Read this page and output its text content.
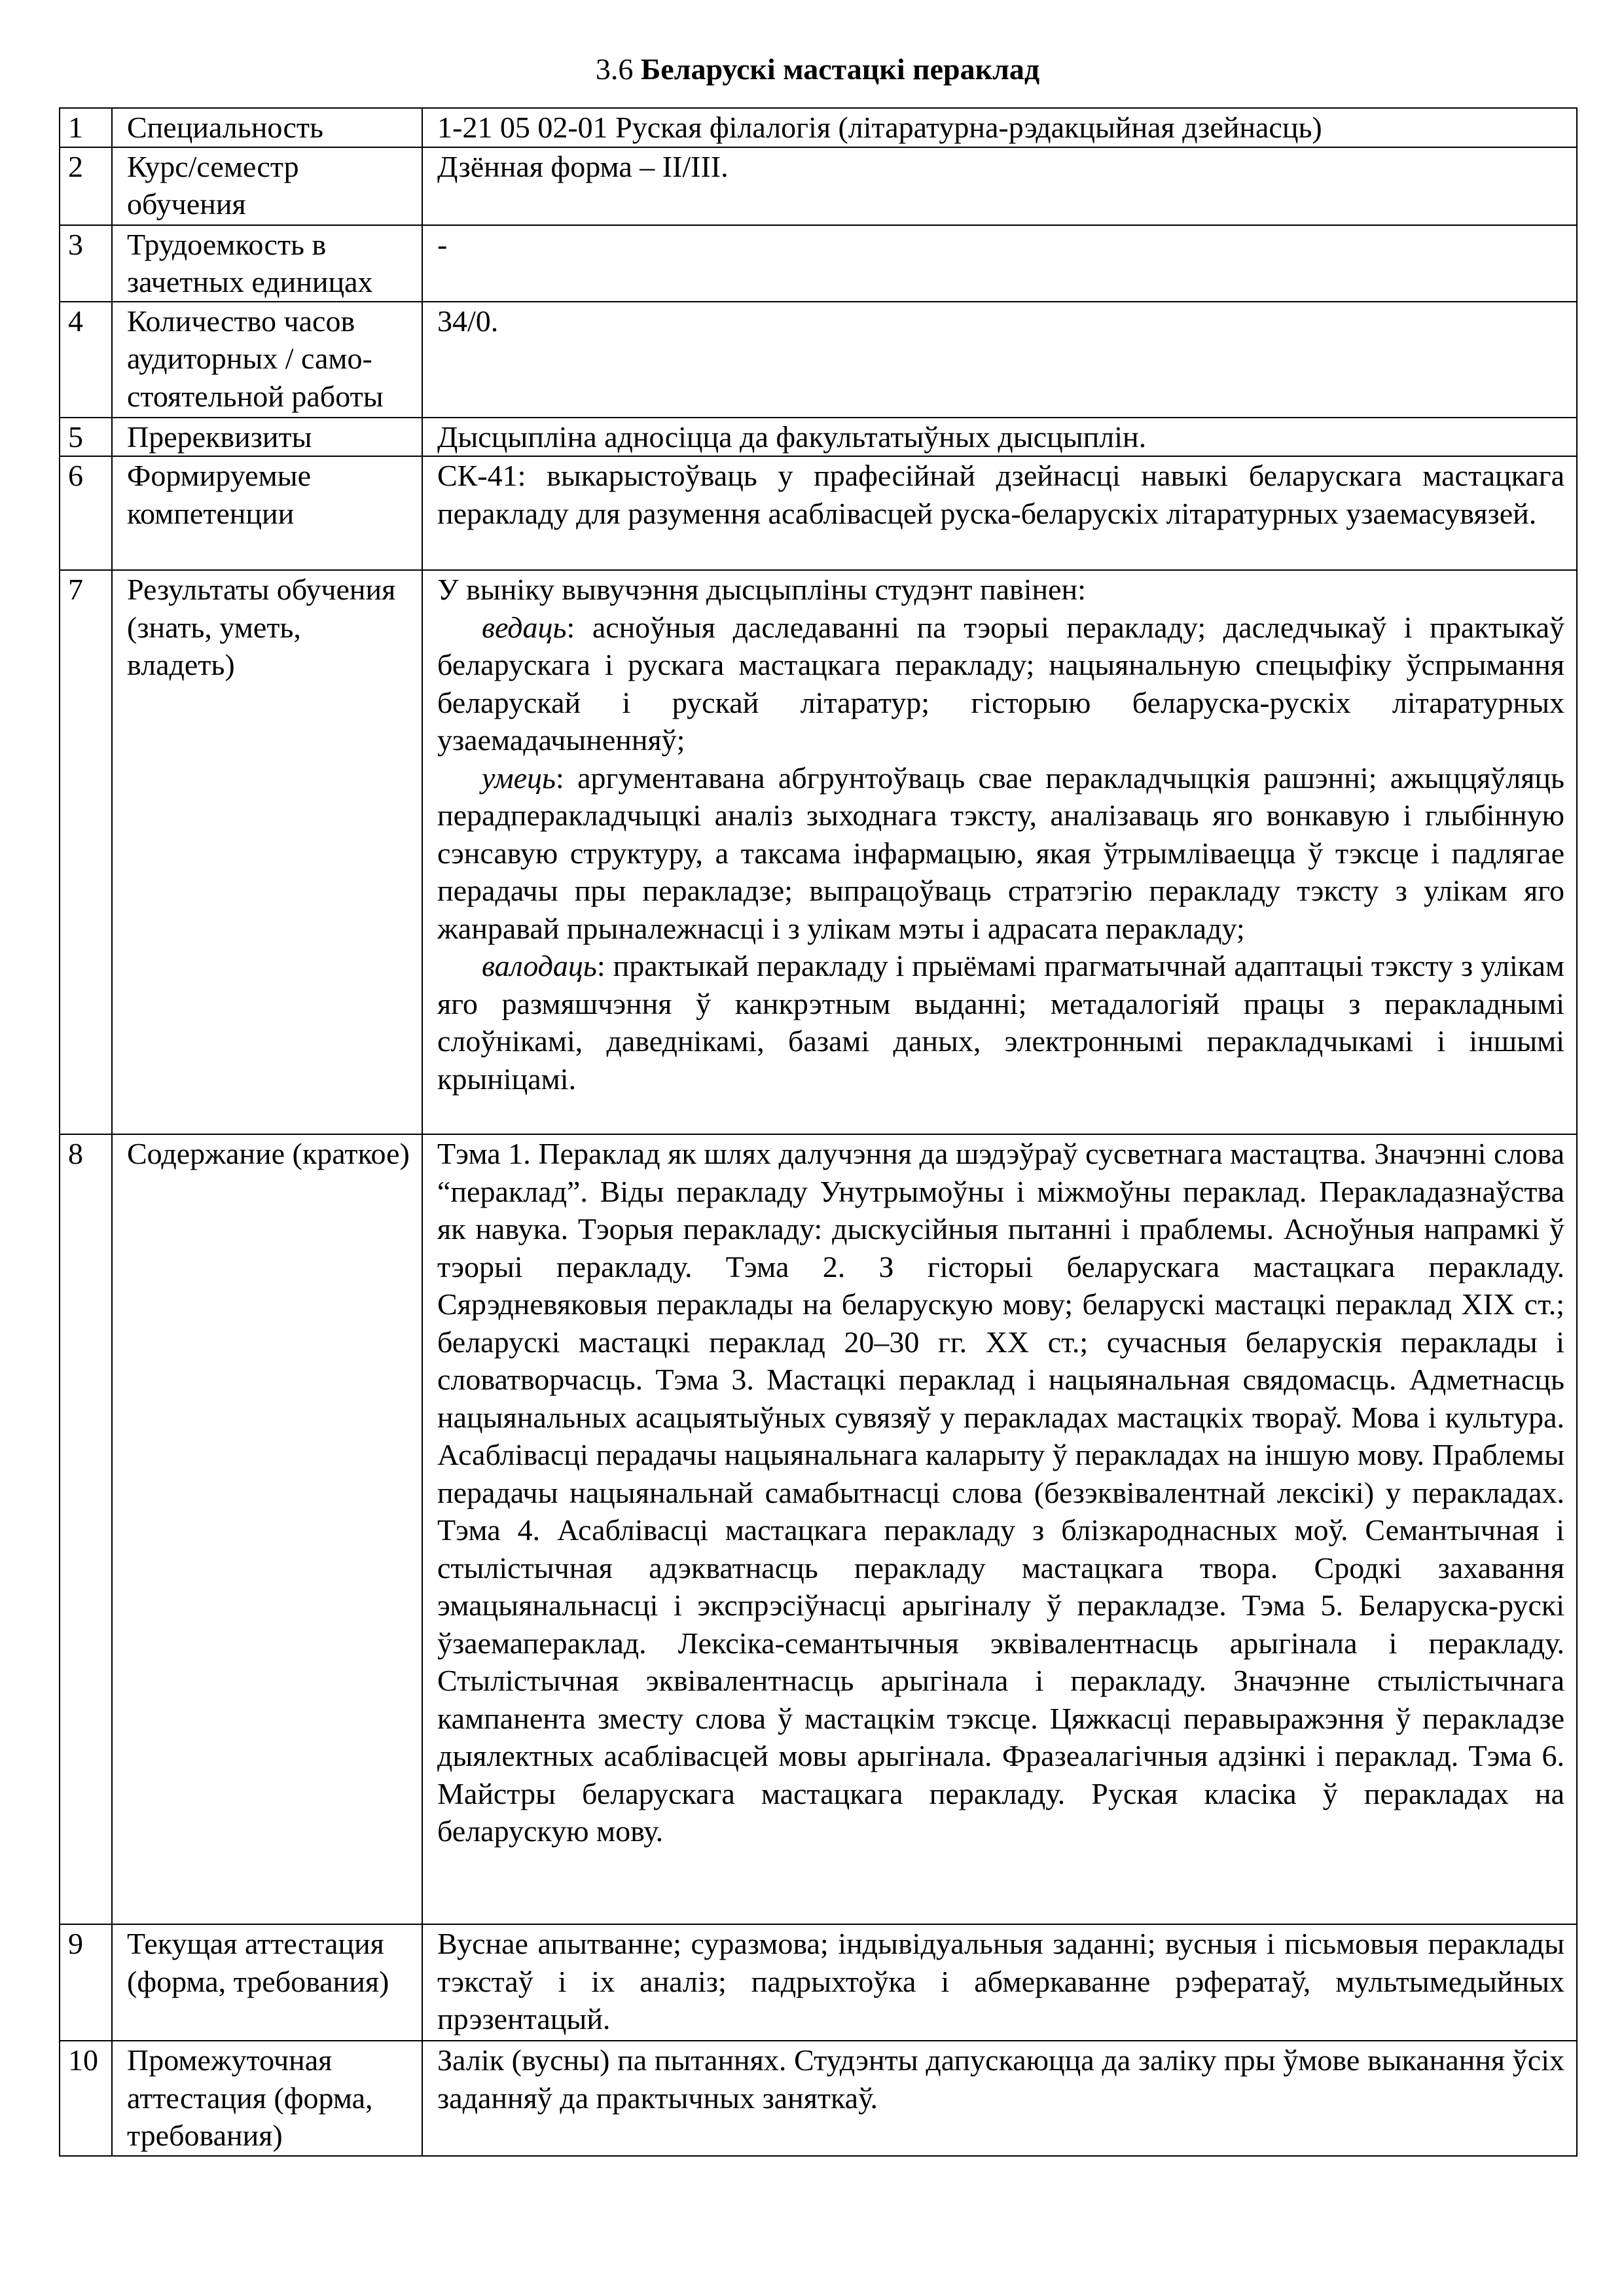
3.6 Беларускі мастацкі пераклад
1	Специальность	1-21 05 02-01 Руская філалогія (літаратурна-рэдакцыйная дзейнасць)
2	Курс/семестр обучения	Дзённая форма – II/III.
3	Трудоемкость в зачетных единицах	-
4	Количество часов аудиторных / само-стоятельной работы	34/0.
5	Пререквизиты	Дысцыпліна адносіцца да факультатыўных дысцыплін.
6	Формируемые компетенции	СК-41: выкарыстоўваць у прафесійнай дзейнасці навыкі беларускага мастацкага перакладу для разумення асаблівасцей руска-беларускіх літаратурных узаемасувязей.
7	Результаты обучения (знать, уметь, владеть)	У выніку вывучэння дысцыпліны студэнт павінен:

ведаць: асноўныя даследаванні па тэорыі перакладу; даследчыкаў і практыкаў беларускага і рускага мастацкага перакладу; нацыянальную спецыфіку ўспрымання беларускай і рускай літаратур; гісторыю беларуска-рускіх літаратурных узаемадачыненняў;

умець: аргументавана абгрунтоўваць свае перакладчыцкія рашэнні; ажыццяўляць перадперакладчыцкі аналіз зыходнага тэксту, аналізаваць яго вонкавую і глыбінную сэнсавую структуру, а таксама інфармацыю, якая ўтрымліваецца ў тэксце і падлягае перадачы пры перакладзе; выпрацоўваць стратэгію перакладу тэксту з улікам яго жанравай прыналежнасці і з улікам мэты і адрасата перакладу;

валодаць: практыкай перакладу і прыёмамі прагматычнай адаптацыі тэксту з улікам яго размяшчэння ў канкрэтным выданні; метадалогіяй працы з перакладнымі слоўнікамі, даведнікамі, базамі даных, электроннымі перакладчыкамі і іншымі крыніцамі.

8	Содержание (краткое)	Тэма 1. Пераклад як шлях далучэння да шэдэўраў сусветнага мастацтва. Значэнні слова “пераклад”. Віды перакладу Унутрымоўны і міжмоўны пераклад. Перакладазнаўства як навука. Тэорыя перакладу: дыскусійныя пытанні і праблемы. Асноўныя напрамкі ў тэорыі перакладу. Тэма 2. З гісторыі беларускага мастацкага перакладу. Сярэдневяковыя пераклады на беларускую мову; беларускі мастацкі пераклад XIX ст.; беларускі мастацкі пераклад 20–30 гг. XX ст.; сучасныя беларускія пераклады і словатворчасць. Тэма 3. Мастацкі пераклад і нацыянальная свядомасць. Адметнасць нацыянальных асацыятыўных сувязяў у перакладах мастацкіх твораў. Мова і культура. Асаблівасці перадачы нацыянальнага каларыту ў перакладах на іншую мову. Праблемы перадачы нацыянальнай самабытнасці слова (безэквівалентнай лексікі) у перакладах. Тэма 4. Асаблівасці мастацкага перакладу з блізкароднасных моў. Семантычная і стылістычная адэкватнасць перакладу мастацкага твора. Сродкі захавання эмацыянальнасці і экспрэсіўнасці арыгіналу ў перакладзе. Тэма 5. Беларуска-рускі ўзаемапераклад. Лексіка-семантычныя эквівалентнасць арыгінала і перакладу. Стылістычная эквівалентнасць арыгінала і перакладу. Значэнне стылістычнага кампанента зместу слова ў мастацкім тэксце. Цяжкасці перавыражэння ў перакладзе дыялектных асаблівасцей мовы арыгінала. Фразеалагічныя адзінкі і пераклад. Тэма 6. Майстры беларускага мастацкага перакладу. Руская класіка ў перакладах на беларускую мову.
9	Текущая аттестация (форма, требования)	Вуснае апытванне; суразмова; індывідуальныя заданні; вусныя і пісьмовыя пераклады тэкстаў і іх аналіз; падрыхтоўка і абмеркаванне рэфератаў, мультымедыйных прэзентацый.
10	Промежуточная аттестация (форма, требования)	Залік (вусны) па пытаннях. Студэнты дапускаюцца да заліку пры ўмове выканання ўсіх заданняў да практычных заняткаў.
